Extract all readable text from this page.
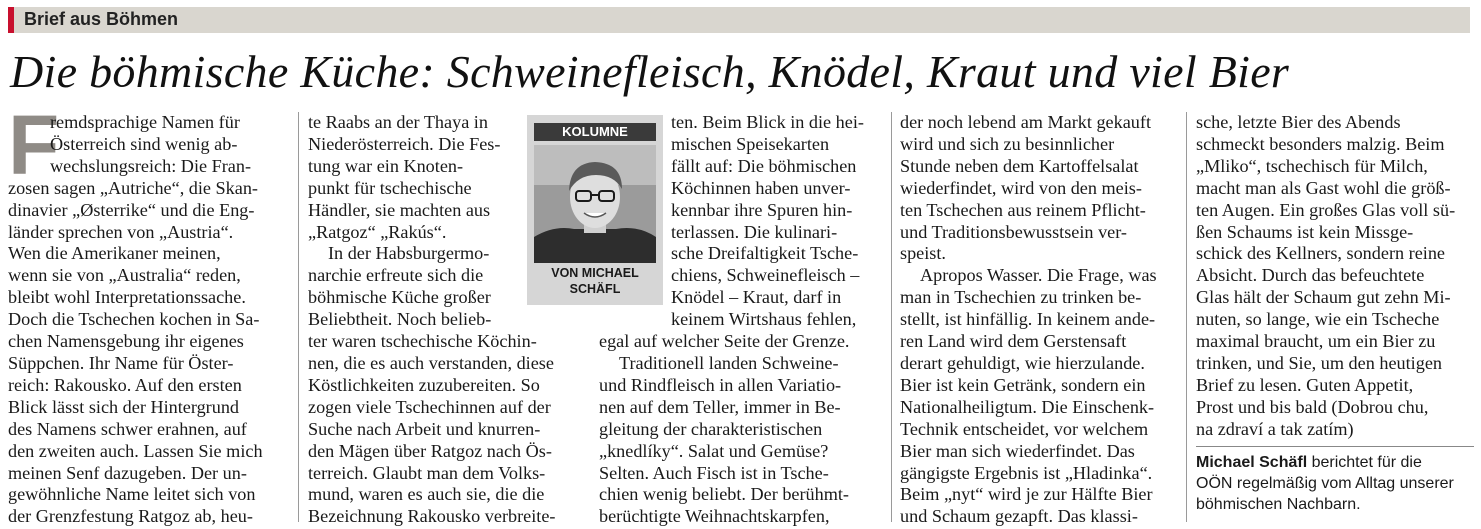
Brief aus Böhmen
Die böhmische Küche: Schweinefleisch, Knödel, Kraut und viel Bier
F
remdsprachige Namen für
Österreich sind wenig ab-
wechslungsreich: Die Fran-
zosen sagen „Autriche“, die Skan-
dinavier „Østerrike“ und die Eng-
länder sprechen von „Austria“.
Wen die Amerikaner meinen,
wenn sie von „Australia“ reden,
bleibt wohl Interpretationssache.
Doch die Tschechen kochen in Sa-
chen Namensgebung ihr eigenes
Süppchen. Ihr Name für Öster-
reich: Rakousko. Auf den ersten
Blick lässt sich der Hintergrund
des Namens schwer erahnen, auf
den zweiten auch. Lassen Sie mich
meinen Senf dazugeben. Der un-
gewöhnliche Name leitet sich von
der Grenzfestung Ratgoz ab, heu-
te Raabs an der Thaya in
Niederösterreich. Die Fes-
tung war ein Knoten-
punkt für tschechische
Händler, sie machten aus
„Ratgoz“ „Rakús“.
In der Habsburgermo-
narchie erfreute sich die
böhmische Küche großer
Beliebtheit. Noch beliеb-
ter waren tschechische Köchin-
nen, die es auch verstanden, diese
Köstlichkeiten zuzubereiten. So
zogen viele Tschechinnen auf der
Suche nach Arbeit und knurren-
den Mägen über Ratgoz nach Ös-
terreich. Glaubt man dem Volks-
mund, waren es auch sie, die die
Bezeichnung Rakousko verbreite-
ten. Beim Blick in die hei-
mischen Speisekarten
fällt auf: Die böhmischen
Köchinnen haben unver-
kennbar ihre Spuren hin-
terlassen. Die kulinari-
sche Dreifaltigkeit Tsche-
chiens, Schweinefleisch –
Knödel – Kraut, darf in
keinem Wirtshaus fehlen,
egal auf welcher Seite der Grenze.
Traditionell landen Schweine-
und Rindfleisch in allen Variatio-
nen auf dem Teller, immer in Be-
gleitung der charakteristischen
„knedlíky“. Salat und Gemüse?
Selten. Auch Fisch ist in Tsche-
chien wenig beliebt. Der berühmt-
berüchtigte Weihnachtskarpfen,
der noch lebend am Markt gekauft
wird und sich zu besinnlicher
Stunde neben dem Kartoffelsalat
wiederfindet, wird von den meis-
ten Tschechen aus reinem Pflicht-
und Traditionsbewusstsein ver-
speist.
Apropos Wasser. Die Frage, was
man in Tschechien zu trinken be-
stellt, ist hinfällig. In keinem ande-
ren Land wird dem Gerstensaft
derart gehuldigt, wie hierzulande.
Bier ist kein Getränk, sondern ein
Nationalheiligtum. Die Einschenk-
Technik entscheidet, vor welchem
Bier man sich wiederfindet. Das
gängigste Ergebnis ist „Hladinka“.
Beim „nyt“ wird je zur Hälfte Bier
und Schaum gezapft. Das klassi-
sche, letzte Bier des Abends
schmeckt besonders malzig. Beim
„Mliko“, tschechisch für Milch,
macht man als Gast wohl die größ-
ten Augen. Ein großes Glas voll sü-
ßen Schaums ist kein Missge-
schick des Kellners, sondern reine
Absicht. Durch das befeuchtete
Glas hält der Schaum gut zehn Mi-
nuten, so lange, wie ein Tscheche
maximal braucht, um ein Bier zu
trinken, und Sie, um den heutigen
Brief zu lesen. Guten Appetit,
Prost und bis bald (Dobrou chu,
na zdraví a tak zatím)
KOLUMNE
VON MICHAEL
SCHÄFL
Michael Schäfl berichtet für die
OÖN regelmäßig vom Alltag unserer
böhmischen Nachbarn.
